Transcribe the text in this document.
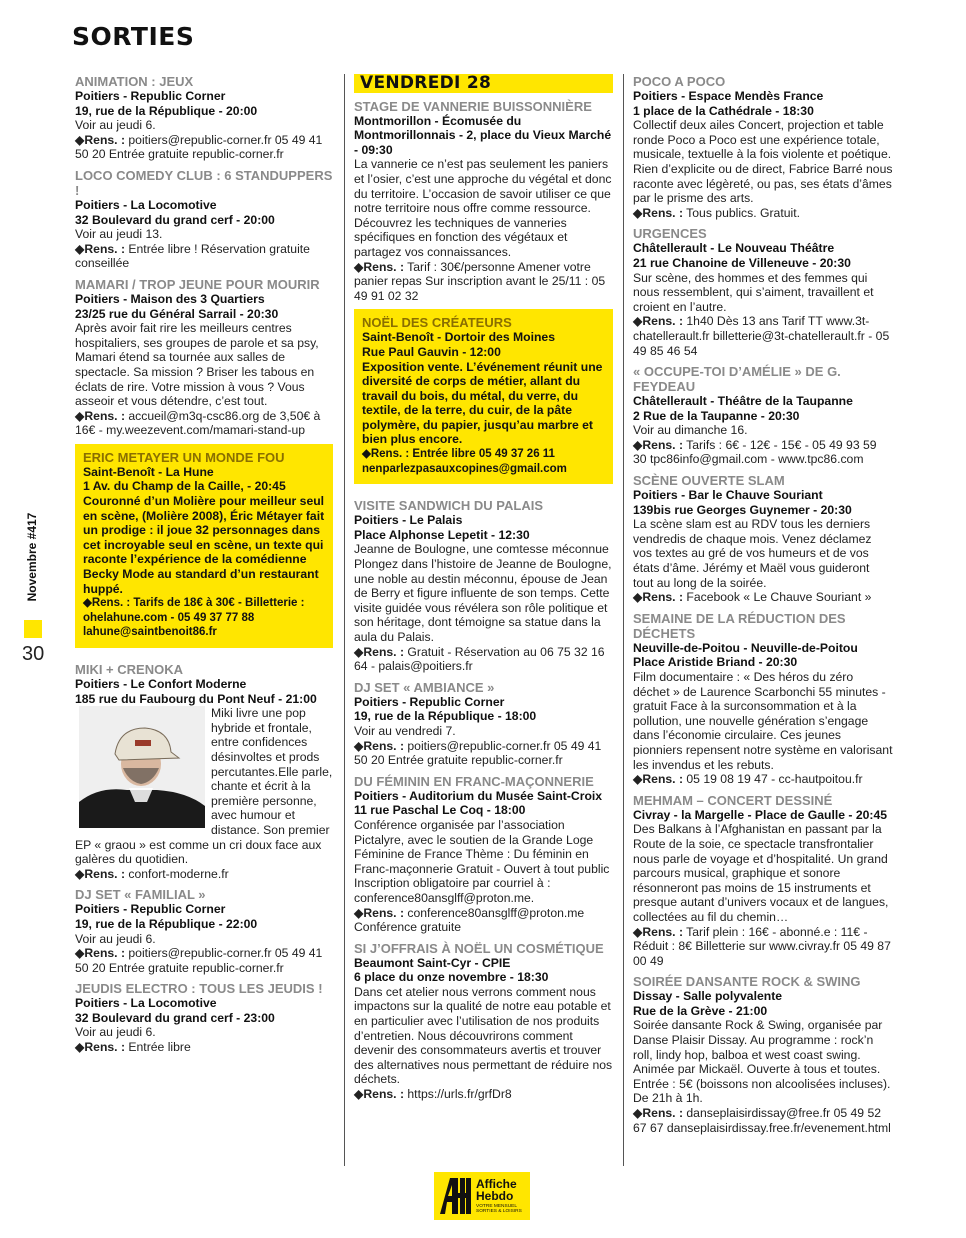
SORTIES
Novembre #417
30
ANIMATION : JEUX
Poitiers - Republic Corner
19, rue de la République - 20:00
Voir au jeudi 6.
◆Rens. : poitiers@republic-corner.fr 05 49 41 50 20 Entrée gratuite republic-corner.fr
LOCO COMEDY CLUB : 6 STANDUPPERS !
Poitiers - La Locomotive
32 Boulevard du grand cerf - 20:00
Voir au jeudi 13.
◆Rens. : Entrée libre ! Réservation gratuite conseillée
MAMARI / TROP JEUNE POUR MOURIR
Poitiers - Maison des 3 Quartiers
23/25 rue du Général Sarrail - 20:30
Après avoir fait rire les meilleurs centres hospitaliers, ses groupes de parole et sa psy, Mamari étend sa tournée aux salles de spectacle. Sa mission ? Briser les tabous en éclats de rire. Votre mission à vous ? Vous asseoir et vous détendre, c’est tout.
◆Rens. : accueil@m3q-csc86.org de 3,50€ à 16€ - my.weezevent.com/mamari-stand-up
ERIC METAYER UN MONDE FOU
Saint-Benoît - La Hune
1 Av. du Champ de la Caille, - 20:45
Couronné d’un Molière pour meilleur seul en scène, (Molière 2008), Éric Métayer fait un prodige : il joue 32 personnages dans cet incroyable seul en scène, un texte qui raconte l’expérience de la comédienne Becky Mode au standard d’un restaurant huppé.
◆Rens. : Tarifs de 18€ à 30€ - Billetterie : ohelahune.com - 05 49 37 77 88 lahune@saintbenoit86.fr
MIKI + CRENOKA
Poitiers - Le Confort Moderne
185 rue du Faubourg du Pont Neuf - 21:00
Miki livre une pop hybride et frontale, entre confidences désinvoltes et prods percutantes.Elle parle, chante et écrit à la première personne, avec humour et distance. Son premier EP « graou » est comme un cri doux face aux galères du quotidien.
◆Rens. : confort-moderne.fr
DJ SET « FAMILIAL »
Poitiers - Republic Corner
19, rue de la République - 22:00
Voir au jeudi 6.
◆Rens. : poitiers@republic-corner.fr 05 49 41 50 20 Entrée gratuite republic-corner.fr
JEUDIS ELECTRO : TOUS LES JEUDIS !
Poitiers - La Locomotive
32 Boulevard du grand cerf - 23:00
Voir au jeudi 6.
◆Rens. : Entrée libre
VENDREDI 28
STAGE DE VANNERIE BUISSONNIÈRE
Montmorillon - Écomusée du Montmorillonnais - 2, place du Vieux Marché - 09:30
La vannerie ce n’est pas seulement les paniers et l’osier, c’est une approche du végétal et donc du territoire. L’occasion de savoir utiliser ce que notre territoire nous offre comme ressource. Découvrez les techniques de vanneries spécifiques en fonction des végétaux et partagez vos connaissances.
◆Rens. : Tarif : 30€/personne Amener votre panier repas Sur inscription avant le 25/11 : 05 49 91 02 32
NOËL DES CRÉATEURS
Saint-Benoît - Dortoir des Moines
Rue Paul Gauvin - 12:00
Exposition vente. L’événement réunit une diversité de corps de métier, allant du travail du bois, du métal, du verre, du textile, de la terre, du cuir, de la pâte polymère, du papier, jusqu’au marbre et bien plus encore.
◆Rens. : Entrée libre 05 49 37 26 11 nenparlezpasauxcopines@gmail.com
VISITE SANDWICH DU PALAIS
Poitiers - Le Palais
Place Alphonse Lepetit - 12:30
Jeanne de Boulogne, une comtesse méconnue Plongez dans l’histoire de Jeanne de Boulogne, une noble au destin méconnu, épouse de Jean de Berry et figure influente de son temps. Cette visite guidée vous révélera son rôle politique et son héritage, dont témoigne sa statue dans la aula du Palais.
◆Rens. : Gratuit - Réservation au 06 75 32 16 64 - palais@poitiers.fr
DJ SET « AMBIANCE »
Poitiers - Republic Corner
19, rue de la République - 18:00
Voir au vendredi 7.
◆Rens. : poitiers@republic-corner.fr 05 49 41 50 20 Entrée gratuite republic-corner.fr
DU FÉMININ EN FRANC-MAÇONNERIE
Poitiers - Auditorium du Musée Saint-Croix
11 rue Paschal Le Coq - 18:00
Conférence organisée par l’association Pictalyre, avec le soutien de la Grande Loge Féminine de France Thème : Du féminin en Franc-maçonnerie Gratuit - Ouvert à tout public Inscription obligatoire par courriel à : conference80ansglff@proton.me.
◆Rens. : conference80ansglff@proton.me Conférence gratuite
SI J’OFFRAIS À NOËL UN COSMÉTIQUE
Beaumont Saint-Cyr - CPIE
6 place du onze novembre - 18:30
Dans cet atelier nous verrons comment nous impactons sur la qualité de notre eau potable et en particulier avec l’utilisation de nos produits d’entretien. Nous découvrirons comment devenir des consommateurs avertis et trouver des alternatives nous permettant de réduire nos déchets.
◆Rens. : https://urls.fr/grfDr8
POCO A POCO
Poitiers - Espace Mendès France
1 place de la Cathédrale - 18:30
Collectif deux ailes Concert, projection et table ronde Poco a Poco est une expérience totale, musicale, textuelle à la fois violente et poétique. Rien d’explicite ou de direct, Fabrice Barré nous raconte avec légèreté, ou pas, ses états d’âmes par le prisme des arts.
◆Rens. : Tous publics. Gratuit.
URGENCES
Châtellerault - Le Nouveau Théâtre
21 rue Chanoine de Villeneuve - 20:30
Sur scène, des hommes et des femmes qui nous ressemblent, qui s’aiment, travaillent et croient en l’autre.
◆Rens. : 1h40 Dès 13 ans Tarif TT www.3t-chatellerault.fr billetterie@3t-chatellerault.fr - 05 49 85 46 54
« OCCUPE-TOI D’AMÉLIE » DE G. FEYDEAU
Châtellerault - Théâtre de la Taupanne
2 Rue de la Taupanne - 20:30
Voir au dimanche 16.
◆Rens. : Tarifs : 6€ - 12€ - 15€ - 05 49 93 59 30 tpc86info@gmail.com - www.tpc86.com
SCÈNE OUVERTE SLAM
Poitiers - Bar le Chauve Souriant
139bis rue Georges Guynemer - 20:30
La scène slam est au RDV tous les derniers vendredis de chaque mois. Venez déclamez vos textes au gré de vos humeurs et de vos états d’âme. Jérémy et Maël vous guideront tout au long de la soirée.
◆Rens. : Facebook « Le Chauve Souriant »
SEMAINE DE LA RÉDUCTION DES DÉCHETS
Neuville-de-Poitou - Neuville-de-Poitou
Place Aristide Briand - 20:30
Film documentaire : « Des héros du zéro déchet » de Laurence Scarbonchi 55 minutes - gratuit Face à la surconsommation et à la pollution, une nouvelle génération s’engage dans l’économie circulaire. Ces jeunes pionniers repensent notre système en valorisant les invendus et les rebuts.
◆Rens. : 05 19 08 19 47 - cc-hautpoitou.fr
MEHMAM – CONCERT DESSINÉ
Civray - la Margelle - Place de Gaulle - 20:45
Des Balkans à l’Afghanistan en passant par la Route de la soie, ce spectacle transfrontalier nous parle de voyage et d’hospitalité. Un grand parcours musical, graphique et sonore résonneront pas moins de 15 instruments et presque autant d’univers vocaux et de langues, collectées au fil du chemin…
◆Rens. : Tarif plein : 16€ - abonné.e : 11€ - Réduit : 8€ Billetterie sur www.civray.fr 05 49 87 00 49
SOIRÉE DANSANTE ROCK & SWING
Dissay - Salle polyvalente
Rue de la Grève - 21:00
Soirée dansante Rock & Swing, organisée par Danse Plaisir Dissay. Au programme : rock’n roll, lindy hop, balboa et west coast swing. Animée par Mickaël. Ouverte à tous et toutes. Entrée : 5€ (boissons non alcoolisées incluses). De 21h à 1h.
◆Rens. : danseplaisirdissay@free.fr 05 49 52 67 67 danseplaisirdissay.free.fr/evenement.html
Affiche
Hebdo
VOTRE MENSUEL
SORTIES & LOISIRS
